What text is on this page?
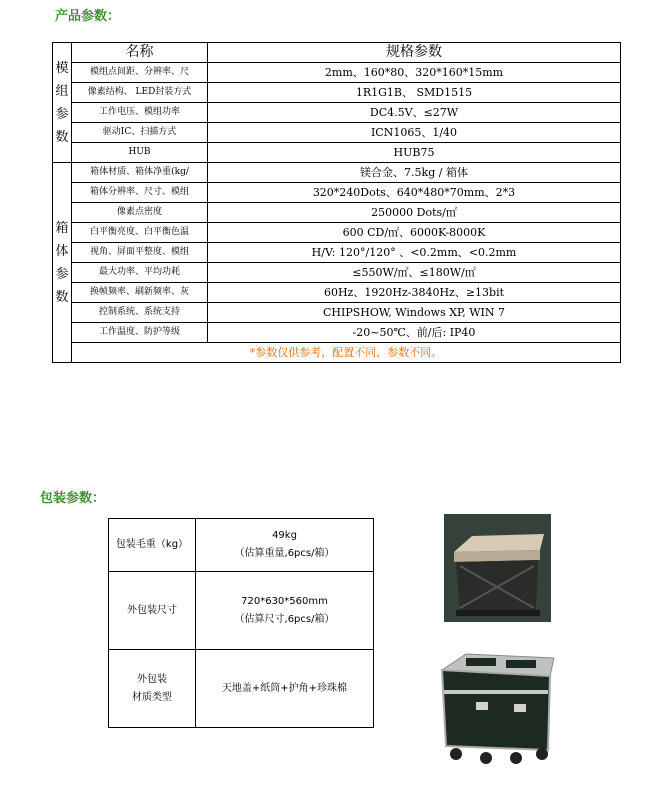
产品参数：
模
组
参
数	名称	规格参数
	模组点间距、分辨率、尺	2mm、160*80、320*160*15mm
	像素结构、 LED封装方式	1R1G1B、 SMD1515
	工作电压、模组功率	DC4.5V、≤27W
	驱动IC、扫描方式	ICN1065、1/40
	HUB	HUB75

箱
体
参
数	箱体材质、箱体净重(kg/	镁合金、7.5kg / 箱体
	箱体分辨率、尺寸、模组	320*240Dots、640*480*70mm、2*3
	像素点密度	250000 Dots/㎡
	白平衡亮度、白平衡色温	600 CD/㎡、6000K-8000K
	视角、屏面平整度、模组	H/V: 120°/120° 、<0.2mm、<0.2mm
	最大功率、平均功耗	≤550W/㎡、≤180W/㎡
	换帧频率、刷新频率、灰	60Hz、1920Hz-3840Hz、≥13bit
	控制系统、系统支持	CHIPSHOW, Windows XP, WIN 7
	工作温度、防护等级	-20~50℃、前/后: IP40
	*参数仅供参考，配置不同，参数不同。	
包装参数：
包装毛重（kg）	49kg
（估算重量,6pcs/箱）

外包装尺寸	720*630*560mm
（估算尺寸,6pcs/箱）

外包装
材质类型	天地盖+纸筒+护角+珍珠棉
